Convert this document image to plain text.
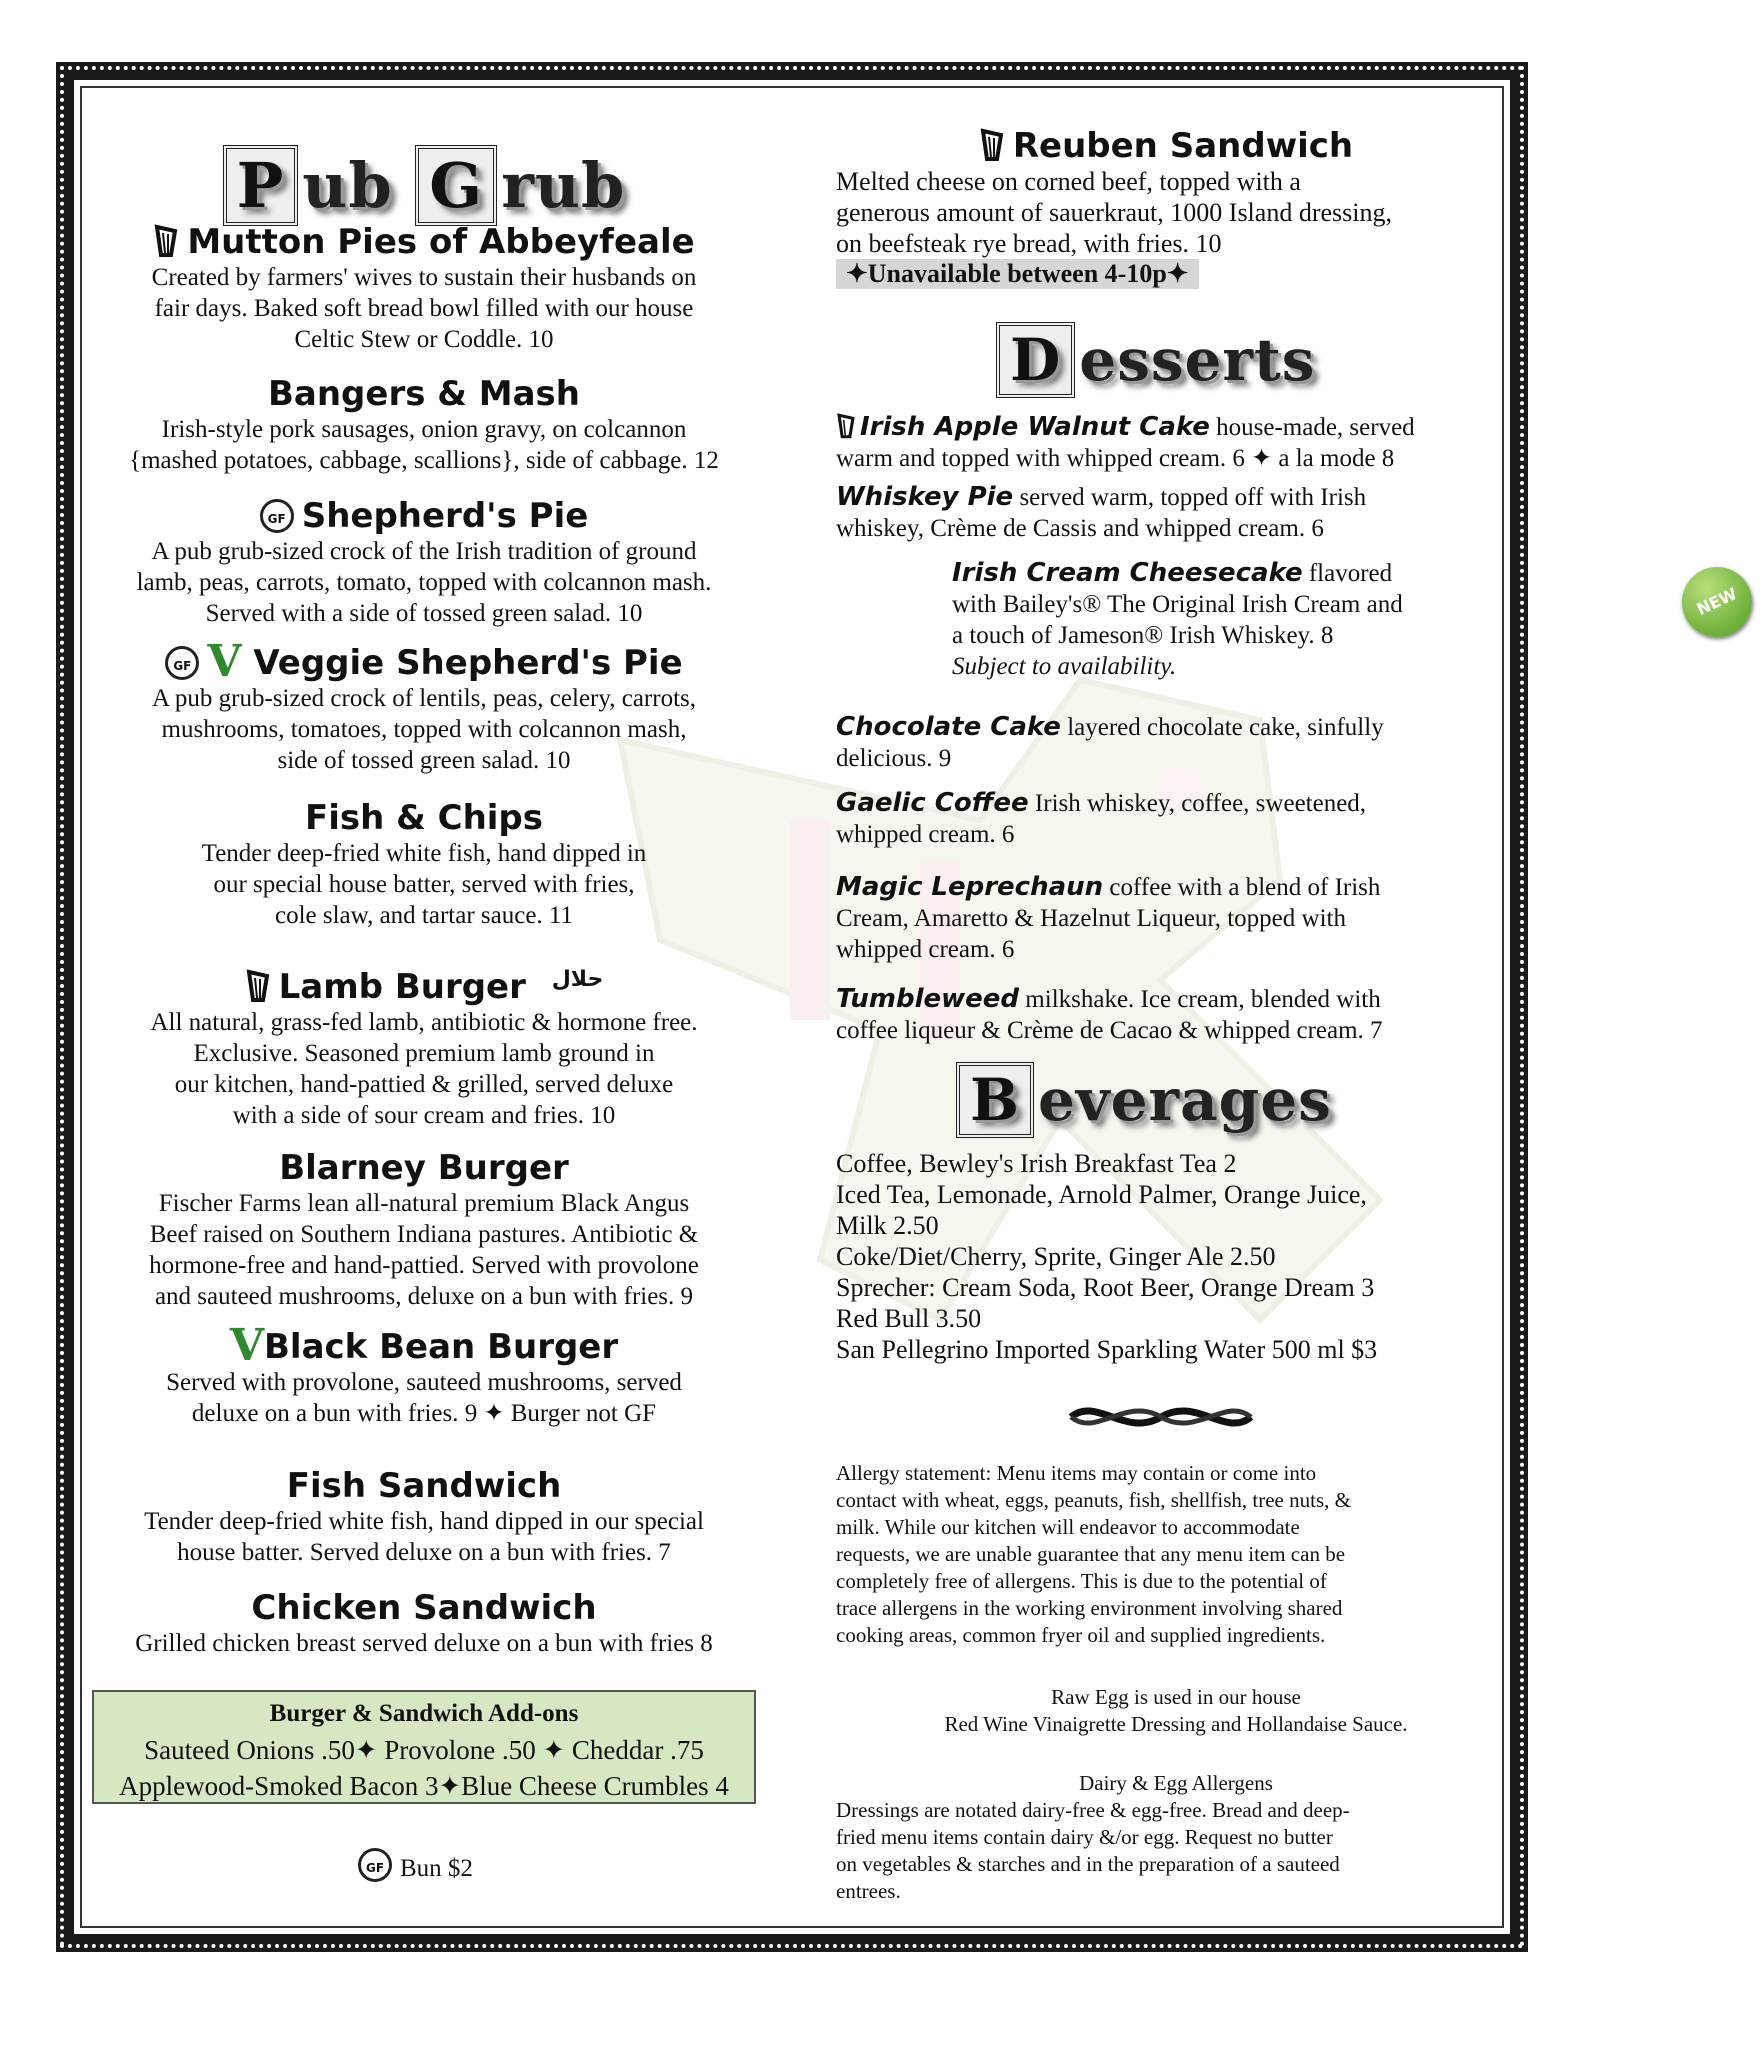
P ub G rub
Mutton Pies of Abbeyfeale
Created by farmers' wives to sustain their husbands on
fair days. Baked soft bread bowl filled with our house
Celtic Stew or Coddle. 10
Bangers & Mash
Irish-style pork sausages, onion gravy, on colcannon
{mashed potatoes, cabbage, scallions}, side of cabbage. 12
GF Shepherd's Pie
A pub grub-sized crock of the Irish tradition of ground
lamb, peas, carrots, tomato, topped with colcannon mash.
Served with a side of tossed green salad. 10
GF V Veggie Shepherd's Pie
A pub grub-sized crock of lentils, peas, celery, carrots,
mushrooms, tomatoes, topped with colcannon mash,
side of tossed green salad. 10
Fish & Chips
Tender deep-fried white fish, hand dipped in
our special house batter, served with fries,
cole slaw, and tartar sauce. 11
Lamb Burger $^{حلال}$
All natural, grass-fed lamb, antibiotic & hormone free.
Exclusive. Seasoned premium lamb ground in
our kitchen, hand-pattied & grilled, served deluxe
with a side of sour cream and fries. 10
Blarney Burger
Fischer Farms lean all-natural premium Black Angus
Beef raised on Southern Indiana pastures. Antibiotic &
hormone-free and hand-pattied. Served with provolone
and sauteed mushrooms, deluxe on a bun with fries. 9
VBlack Bean Burger
Served with provolone, sauteed mushrooms, served
deluxe on a bun with fries. 9 ✦ Burger not GF
Fish Sandwich
Tender deep-fried white fish, hand dipped in our special
house batter. Served deluxe on a bun with fries. 7
Chicken Sandwich
Grilled chicken breast served deluxe on a bun with fries 8
Burger & Sandwich Add-ons
Sauteed Onions .50✦ Provolone .50 ✦ Cheddar .75
Applewood-Smoked Bacon 3✦Blue Cheese Crumbles 4
GF Bun $2
Reuben Sandwich
Melted cheese on corned beef, topped with a
generous amount of sauerkraut, 1000 Island dressing,
on beefsteak rye bread, with fries. 10
✦Unavailable between 4-10p✦
D esserts
Irish Apple Walnut Cake house-made, served
warm and topped with whipped cream. 6 ✦ a la mode 8
Whiskey Pie served warm, topped off with Irish
whiskey, Crème de Cassis and whipped cream. 6
NEW
Irish Cream Cheesecake flavored
with Bailey's® The Original Irish Cream and
a touch of Jameson® Irish Whiskey. 8
Subject to availability.
Chocolate Cake layered chocolate cake, sinfully
delicious. 9
Gaelic Coffee Irish whiskey, coffee, sweetened,
whipped cream. 6
Magic Leprechaun coffee with a blend of Irish
Cream, Amaretto & Hazelnut Liqueur, topped with
whipped cream. 6
Tumbleweed milkshake. Ice cream, blended with
coffee liqueur & Crème de Cacao & whipped cream. 7
B everages
Coffee, Bewley's Irish Breakfast Tea 2
Iced Tea, Lemonade, Arnold Palmer, Orange Juice,
Milk 2.50
Coke/Diet/Cherry, Sprite, Ginger Ale 2.50
Sprecher: Cream Soda, Root Beer, Orange Dream 3
Red Bull 3.50
San Pellegrino Imported Sparkling Water 500 ml $3
Allergy statement: Menu items may contain or come into
contact with wheat, eggs, peanuts, fish, shellfish, tree nuts, &
milk. While our kitchen will endeavor to accommodate
requests, we are unable guarantee that any menu item can be
completely free of allergens. This is due to the potential of
trace allergens in the working environment involving shared
cooking areas, common fryer oil and supplied ingredients.
Raw Egg is used in our house
Red Wine Vinaigrette Dressing and Hollandaise Sauce.
Dairy & Egg Allergens
Dressings are notated dairy-free & egg-free. Bread and deep-
fried menu items contain dairy &/or egg. Request no butter
on vegetables & starches and in the preparation of a sauteed
entrees.
